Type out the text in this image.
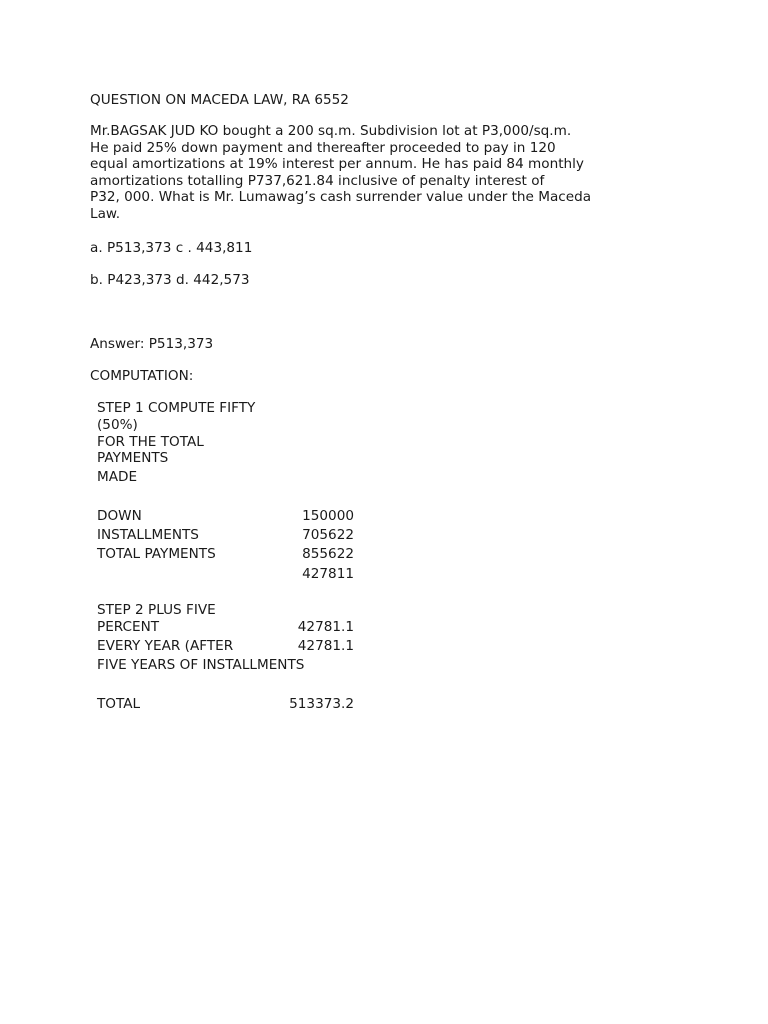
QUESTION ON MACEDA LAW, RA 6552
Mr.BAGSAK JUD KO bought a 200 sq.m. Subdivision lot at P3,000/sq.m.
He paid 25% down payment and thereafter proceeded to pay in 120
equal amortizations at 19% interest per annum. He has paid 84 monthly
amortizations totalling P737,621.84 inclusive of penalty interest of
P32, 000. What is Mr. Lumawag’s cash surrender value under the Maceda
Law.
a. P513,373 c . 443,811
b. P423,373 d. 442,573
Answer: P513,373
COMPUTATION:
STEP 1 COMPUTE FIFTY
(50%)
FOR THE TOTAL
PAYMENTS
MADE
DOWN	150000
INSTALLMENTS	705622
TOTAL PAYMENTS	855622
427811
STEP 2 PLUS FIVE
PERCENT	42781.1
EVERY YEAR (AFTER	42781.1
FIVE YEARS OF INSTALLMENTS
TOTAL	513373.2
